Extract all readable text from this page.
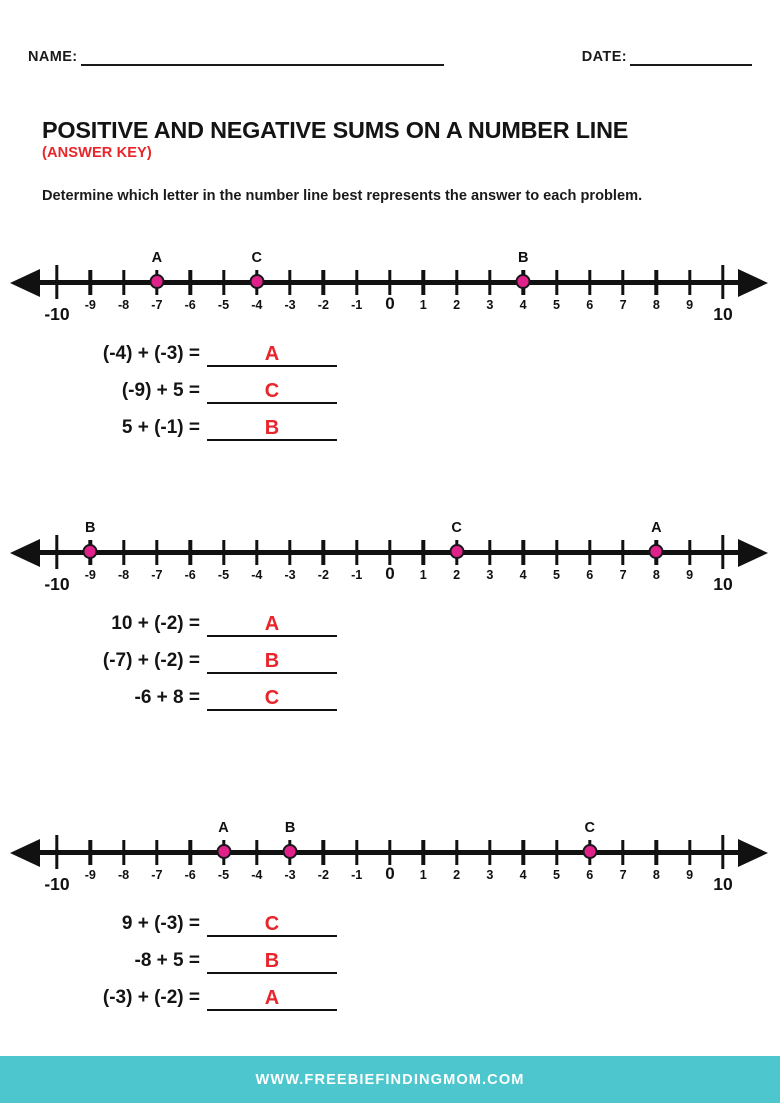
NAME:	DATE:
POSITIVE AND NEGATIVE SUMS ON A NUMBER LINE
(ANSWER KEY)
Determine which letter in the number line best represents the answer to each problem.
-10 -9 -8 -7 -6 -5 -4 -3 -2 -1 0 1 2 3 4 5 6 7 8 9 10
A	C	B
(-4) + (-3) =	A
(-9) + 5 =	C
5 + (-1) =	B
-10 -9 -8 -7 -6 -5 -4 -3 -2 -1 0 1 2 3 4 5 6 7 8 9 10
B	C	A
10 + (-2) =	A
(-7) + (-2) =	B
-6 + 8 =	C
-10 -9 -8 -7 -6 -5 -4 -3 -2 -1 0 1 2 3 4 5 6 7 8 9 10
A	B	C
9 + (-3) =	C
-8 + 5 =	B
(-3) + (-2) =	A
WWW.FREEBIEFINDINGMOM.COM
